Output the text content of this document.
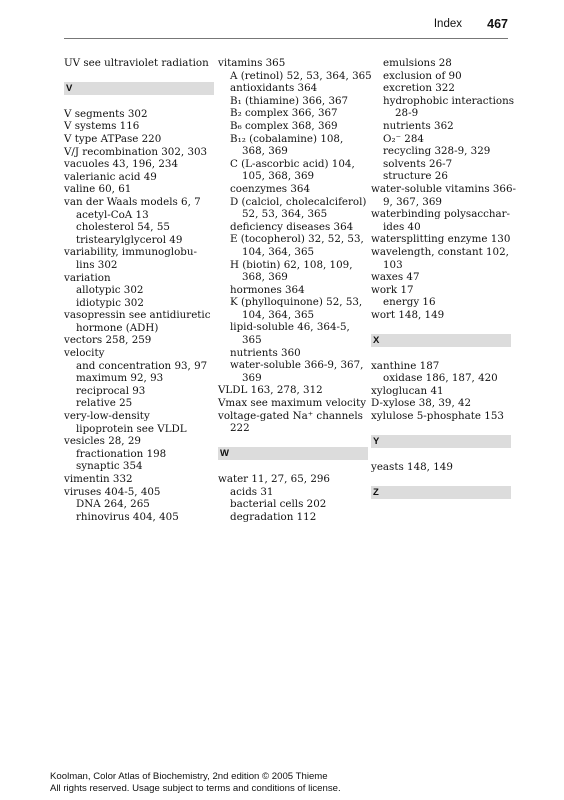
Index 467
UV see ultraviolet radiation
V
V segments 302
V systems 116
V type ATPase 220
V/J recombination 302, 303
vacuoles 43, 196, 234
valerianic acid 49
valine 60, 61
van der Waals models 6, 7
acetyl-CoA 13
cholesterol 54, 55
tristearylglycerol 49
variability, immunoglobu-
lins 302
variation
allotypic 302
idiotypic 302
vasopressin see antidiuretic
hormone (ADH)
vectors 258, 259
velocity
and concentration 93, 97
maximum 92, 93
reciprocal 93
relative 25
very-low-density
lipoprotein see VLDL
vesicles 28, 29
fractionation 198
synaptic 354
vimentin 332
viruses 404-5, 405
DNA 264, 265
rhinovirus 404, 405
vitamins 365
A (retinol) 52, 53, 364, 365
antioxidants 364
B₁ (thiamine) 366, 367
B₂ complex 366, 367
B₆ complex 368, 369
B₁₂ (cobalamine) 108,
368, 369
C (L-ascorbic acid) 104,
105, 368, 369
coenzymes 364
D (calciol, cholecalciferol)
52, 53, 364, 365
deficiency diseases 364
E (tocopherol) 32, 52, 53,
104, 364, 365
H (biotin) 62, 108, 109,
368, 369
hormones 364
K (phylloquinone) 52, 53,
104, 364, 365
lipid-soluble 46, 364-5,
365
nutrients 360
water-soluble 366-9, 367,
369
VLDL 163, 278, 312
Vmax see maximum velocity
voltage-gated Na⁺ channels
222
W
water 11, 27, 65, 296
acids 31
bacterial cells 202
degradation 112
emulsions 28
exclusion of 90
excretion 322
hydrophobic interactions
28-9
nutrients 362
O₂⁻ 284
recycling 328-9, 329
solvents 26-7
structure 26
water-soluble vitamins 366-
9, 367, 369
waterbinding polysacchar-
ides 40
watersplitting enzyme 130
wavelength, constant 102,
103
waxes 47
work 17
energy 16
wort 148, 149
X
xanthine 187
oxidase 186, 187, 420
xyloglucan 41
D-xylose 38, 39, 42
xylulose 5-phosphate 153
Y
yeasts 148, 149
Z
Koolman, Color Atlas of Biochemistry, 2nd edition © 2005 Thieme
All rights reserved. Usage subject to terms and conditions of license.
